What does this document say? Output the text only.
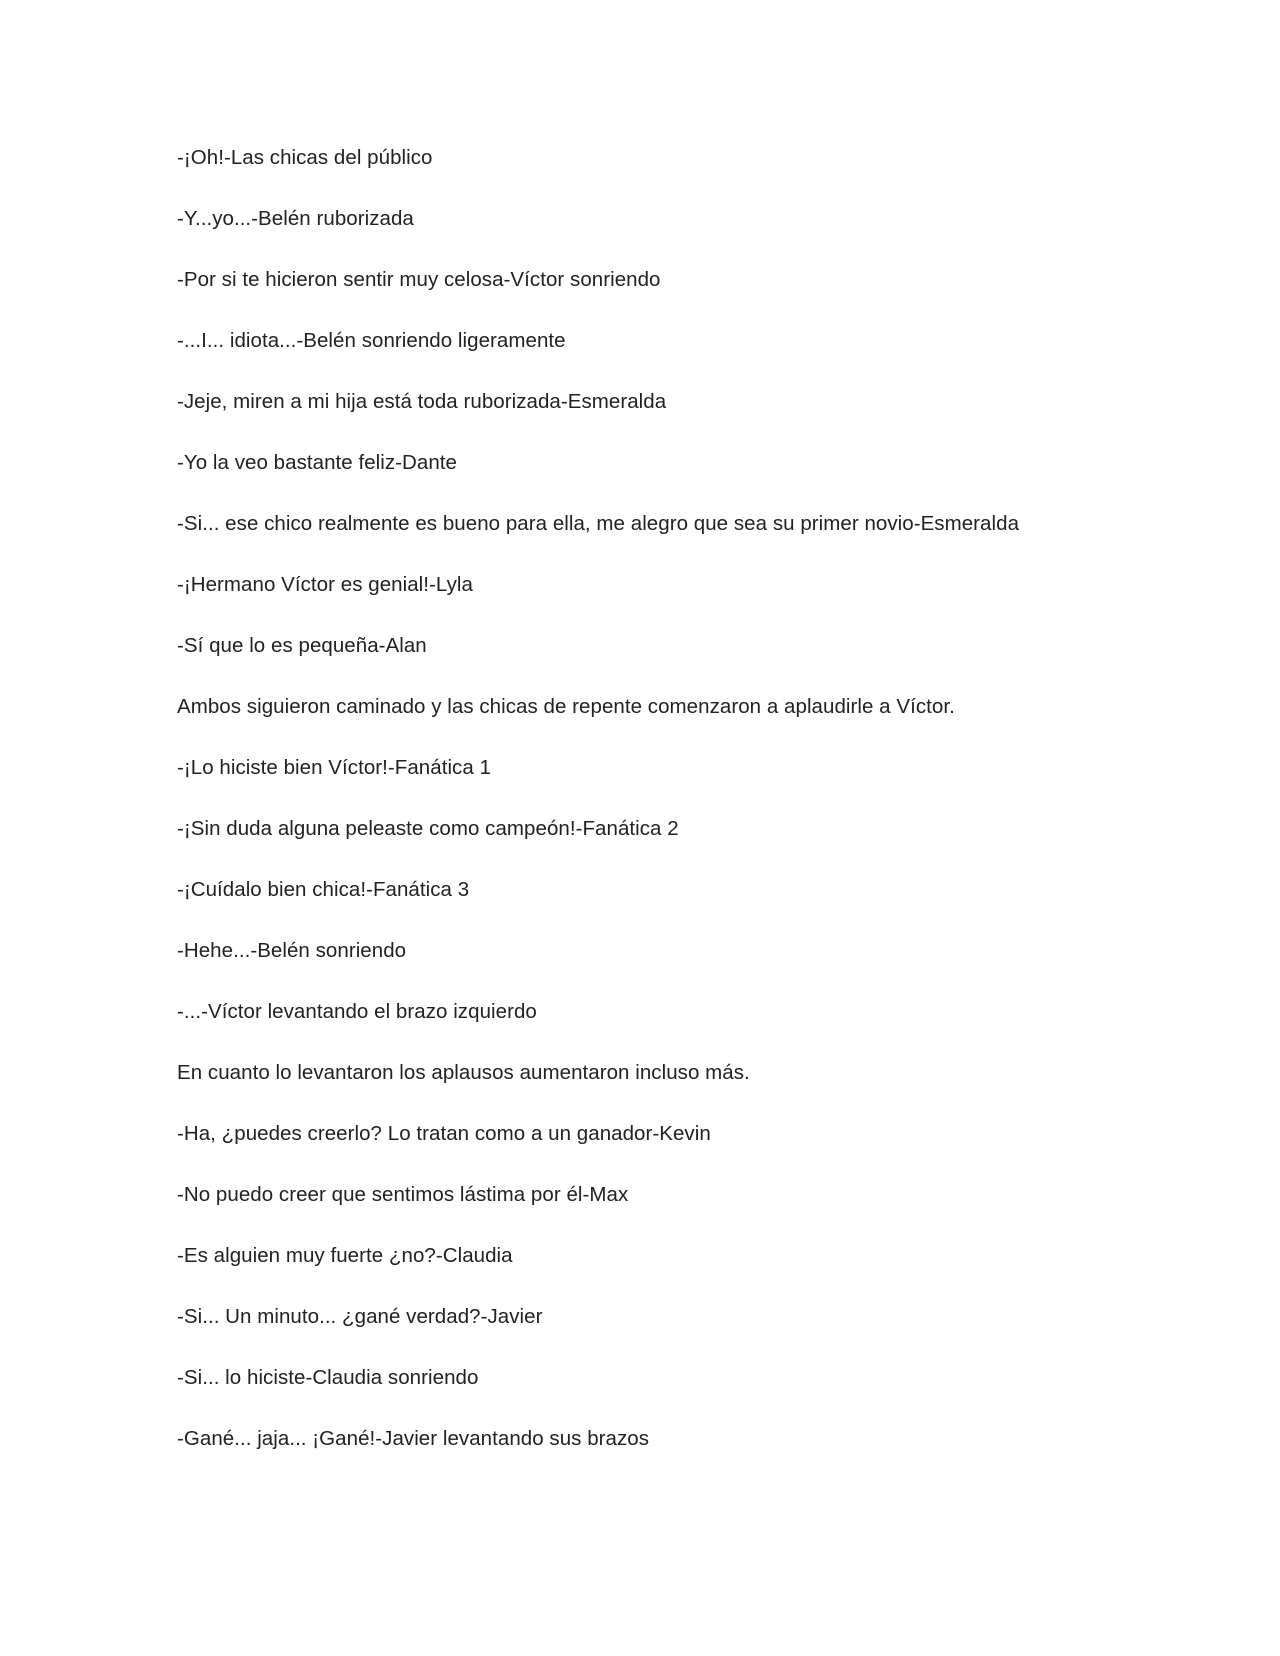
-¡Oh!-Las chicas del público

-Y...yo...-Belén ruborizada

-Por si te hicieron sentir muy celosa-Víctor sonriendo

-...I... idiota...-Belén sonriendo ligeramente

-Jeje, miren a mi hija está toda ruborizada-Esmeralda

-Yo la veo bastante feliz-Dante

-Si... ese chico realmente es bueno para ella, me alegro que sea su primer novio-Esmeralda

-¡Hermano Víctor es genial!-Lyla

-Sí que lo es pequeña-Alan

Ambos siguieron caminado y las chicas de repente comenzaron a aplaudirle a Víctor.

-¡Lo hiciste bien Víctor!-Fanática 1

-¡Sin duda alguna peleaste como campeón!-Fanática 2

-¡Cuídalo bien chica!-Fanática 3

-Hehe...-Belén sonriendo

-...-Víctor levantando el brazo izquierdo

En cuanto lo levantaron los aplausos aumentaron incluso más.

-Ha, ¿puedes creerlo? Lo tratan como a un ganador-Kevin

-No puedo creer que sentimos lástima por él-Max

-Es alguien muy fuerte ¿no?-Claudia

-Si... Un minuto... ¿gané verdad?-Javier

-Si... lo hiciste-Claudia sonriendo

-Gané... jaja... ¡Gané!-Javier levantando sus brazos
